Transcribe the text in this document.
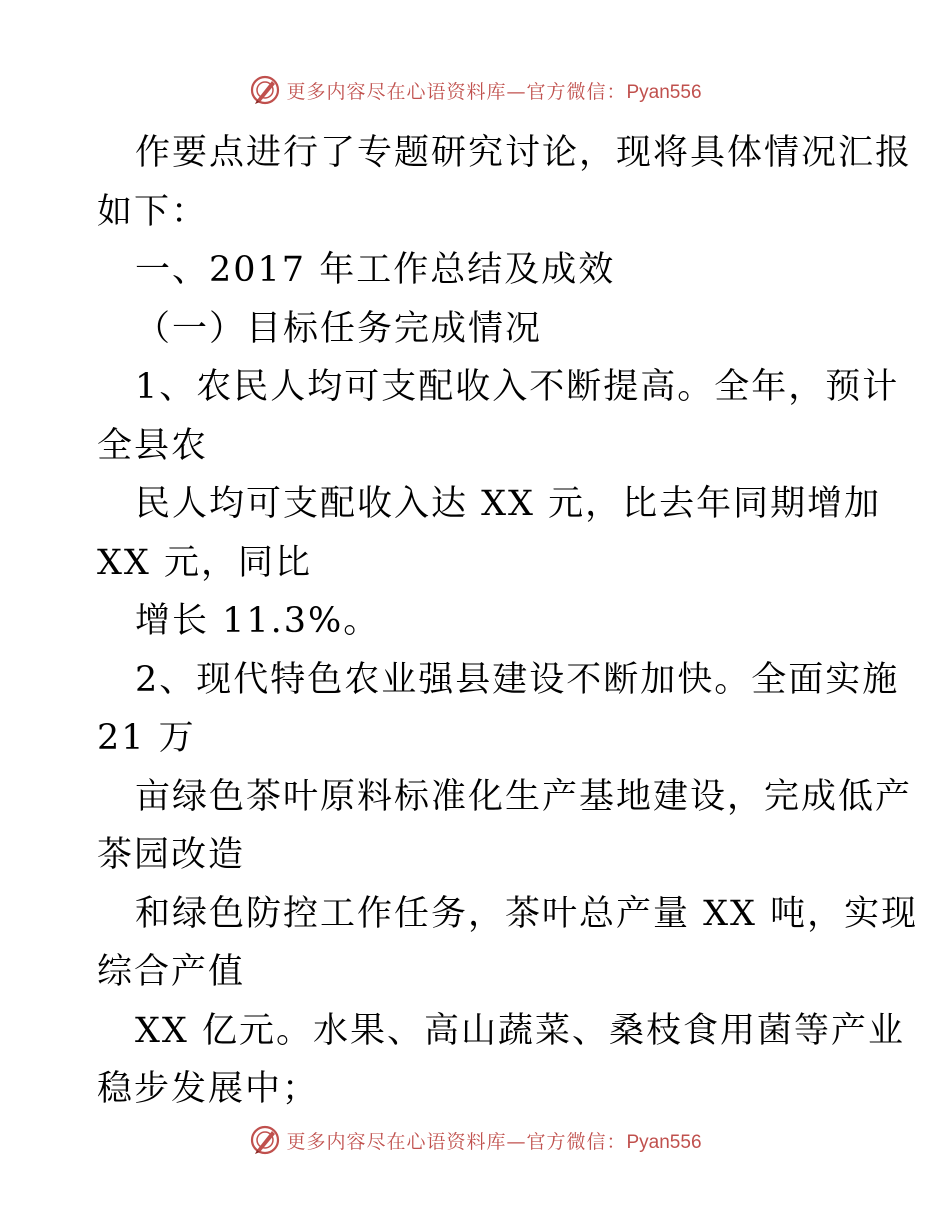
更多内容尽在心语资料库—官方微信：Pyan556
作要点进行了专题研究讨论，现将具体情况汇报
如下：
一、2017 年工作总结及成效
（一）目标任务完成情况
1、农民人均可支配收入不断提高。全年，预计
全县农
民人均可支配收入达 XX 元，比去年同期增加
XX 元，同比
增长 11.3%。
2、现代特色农业强县建设不断加快。全面实施
21 万
亩绿色茶叶原料标准化生产基地建设，完成低产
茶园改造
和绿色防控工作任务，茶叶总产量 XX 吨，实现
综合产值
XX 亿元。水果、高山蔬菜、桑枝食用菌等产业
稳步发展中；
更多内容尽在心语资料库—官方微信：Pyan556
